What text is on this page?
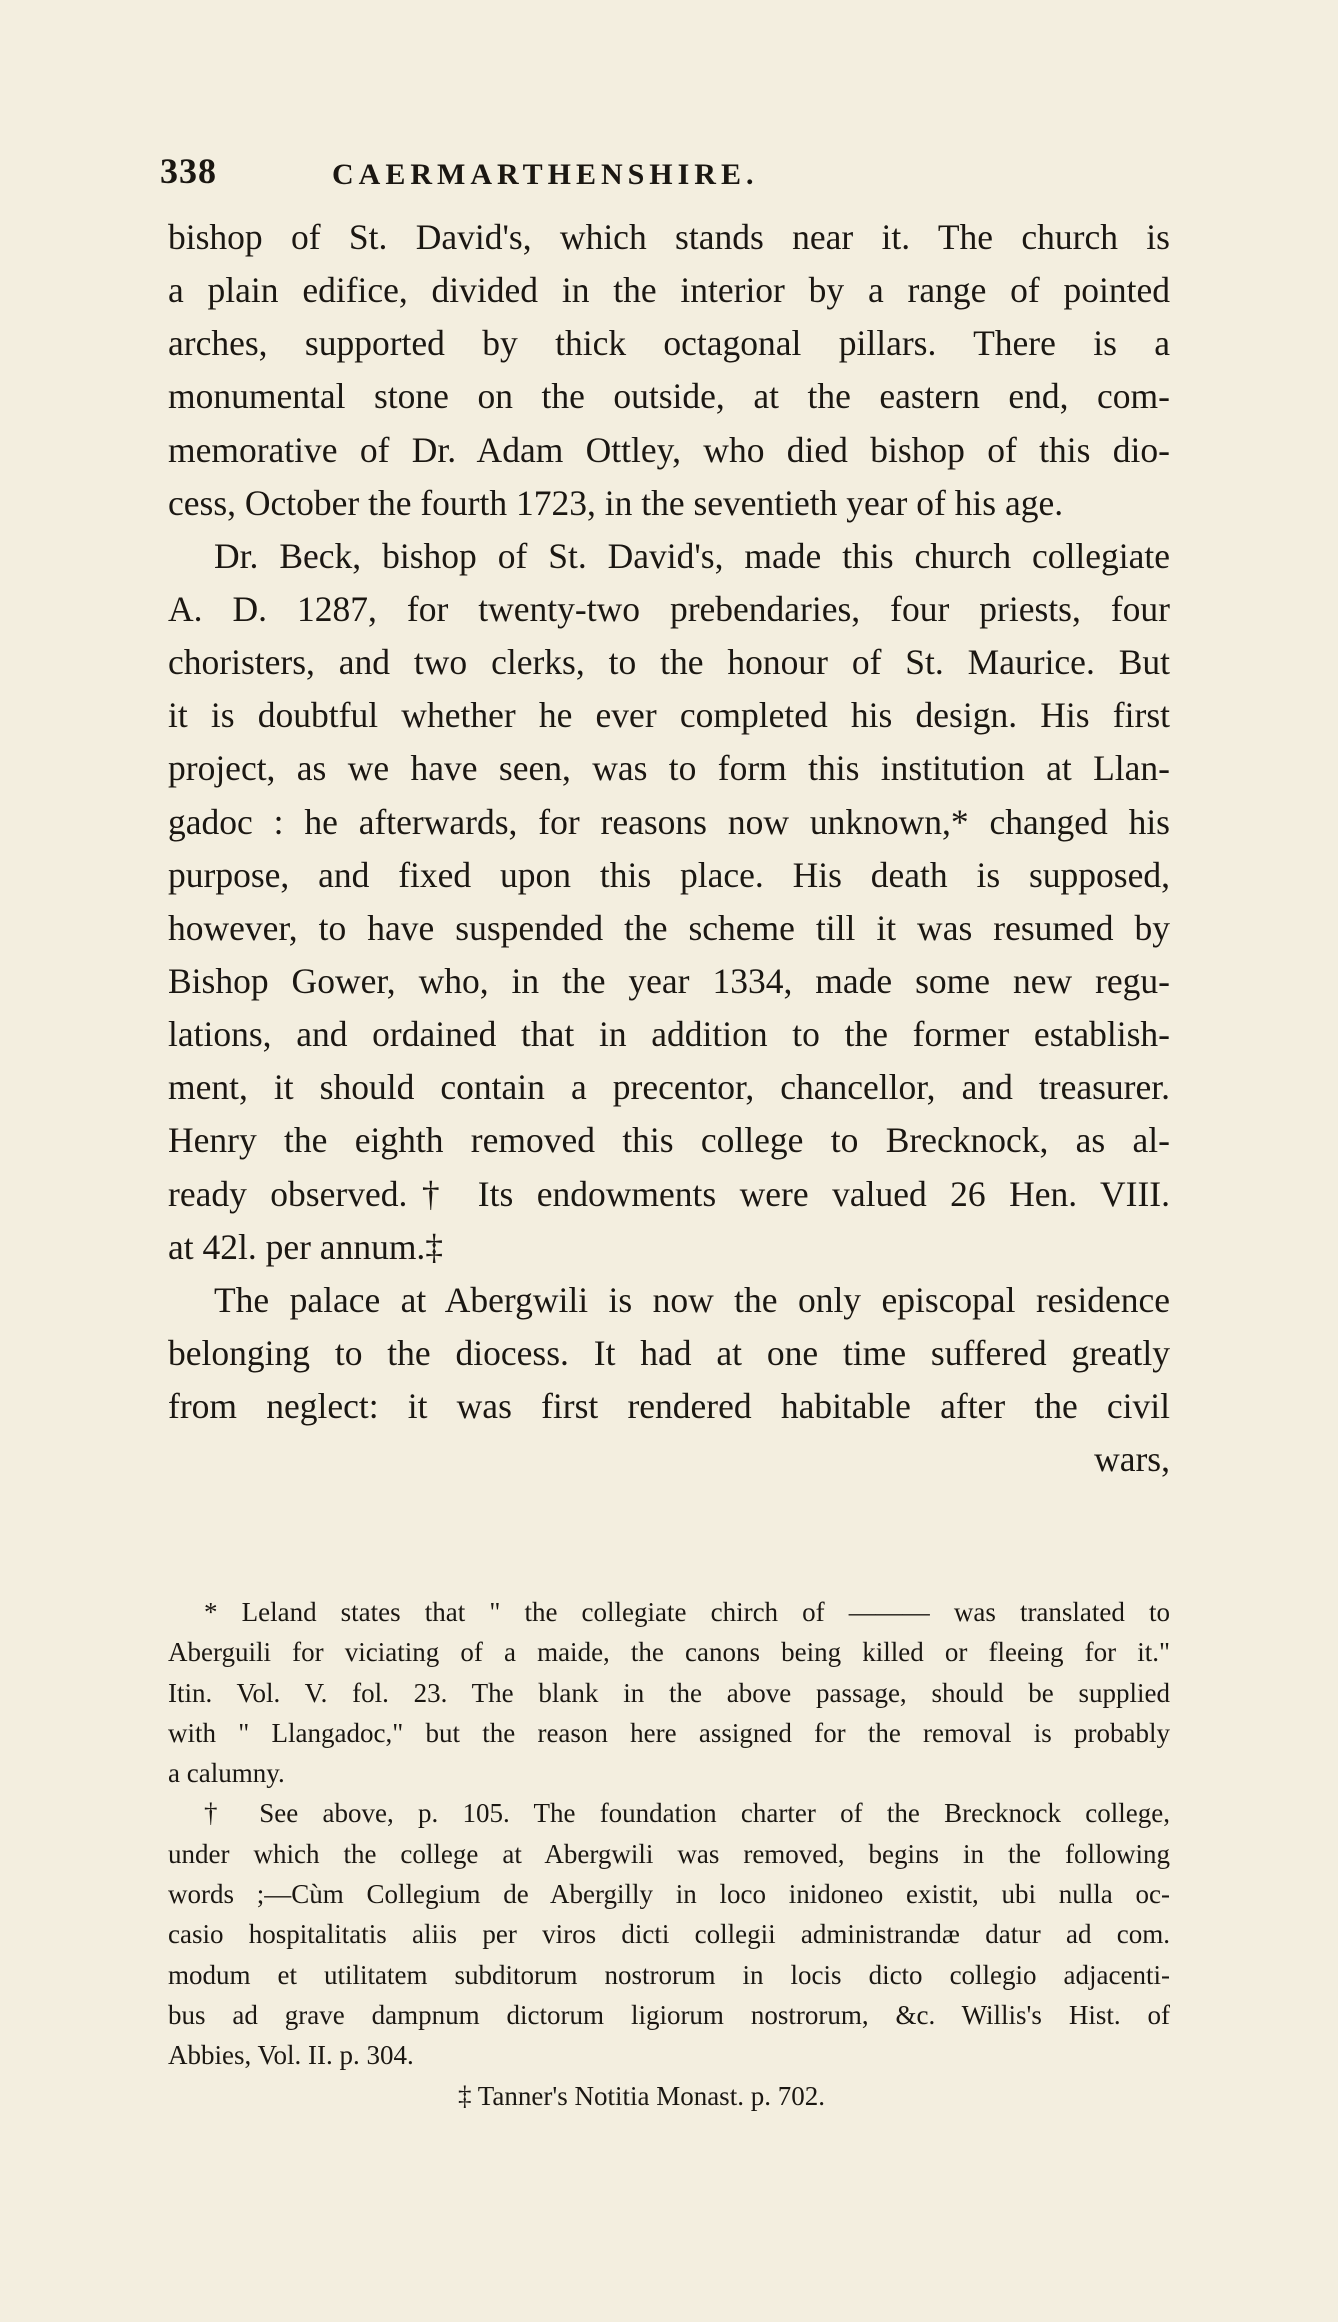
338	CAERMARTHENSHIRE.
bishop of St. David's, which stands near it. The church is
a plain edifice, divided in the interior by a range of pointed
arches, supported by thick octagonal pillars. There is a
monumental stone on the outside, at the eastern end, com-
memorative of Dr. Adam Ottley, who died bishop of this dio-
cess, October the fourth 1723, in the seventieth year of his age.
Dr. Beck, bishop of St. David's, made this church collegiate
A. D. 1287, for twenty-two prebendaries, four priests, four
choristers, and two clerks, to the honour of St. Maurice. But
it is doubtful whether he ever completed his design. His first
project, as we have seen, was to form this institution at Llan-
gadoc : he afterwards, for reasons now unknown,* changed his
purpose, and fixed upon this place. His death is supposed,
however, to have suspended the scheme till it was resumed by
Bishop Gower, who, in the year 1334, made some new regu-
lations, and ordained that in addition to the former establish-
ment, it should contain a precentor, chancellor, and treasurer.
Henry the eighth removed this college to Brecknock, as al-
ready observed.† Its endowments were valued 26 Hen. VIII.
at 42l. per annum.‡
The palace at Abergwili is now the only episcopal residence
belonging to the diocess. It had at one time suffered greatly
from neglect: it was first rendered habitable after the civil
wars,
* Leland states that " the collegiate chirch of ——— was translated to
Aberguili for viciating of a maide, the canons being killed or fleeing for it."
Itin. Vol. V. fol. 23. The blank in the above passage, should be supplied
with " Llangadoc," but the reason here assigned for the removal is probably
a calumny.
† See above, p. 105. The foundation charter of the Brecknock college,
under which the college at Abergwili was removed, begins in the following
words ;—Cùm Collegium de Abergilly in loco inidoneo existit, ubi nulla oc-
casio hospitalitatis aliis per viros dicti collegii administrandæ datur ad com.
modum et utilitatem subditorum nostrorum in locis dicto collegio adjacenti-
bus ad grave dampnum dictorum ligiorum nostrorum, &c. Willis's Hist. of
Abbies, Vol. II. p. 304.
‡ Tanner's Notitia Monast. p. 702.
